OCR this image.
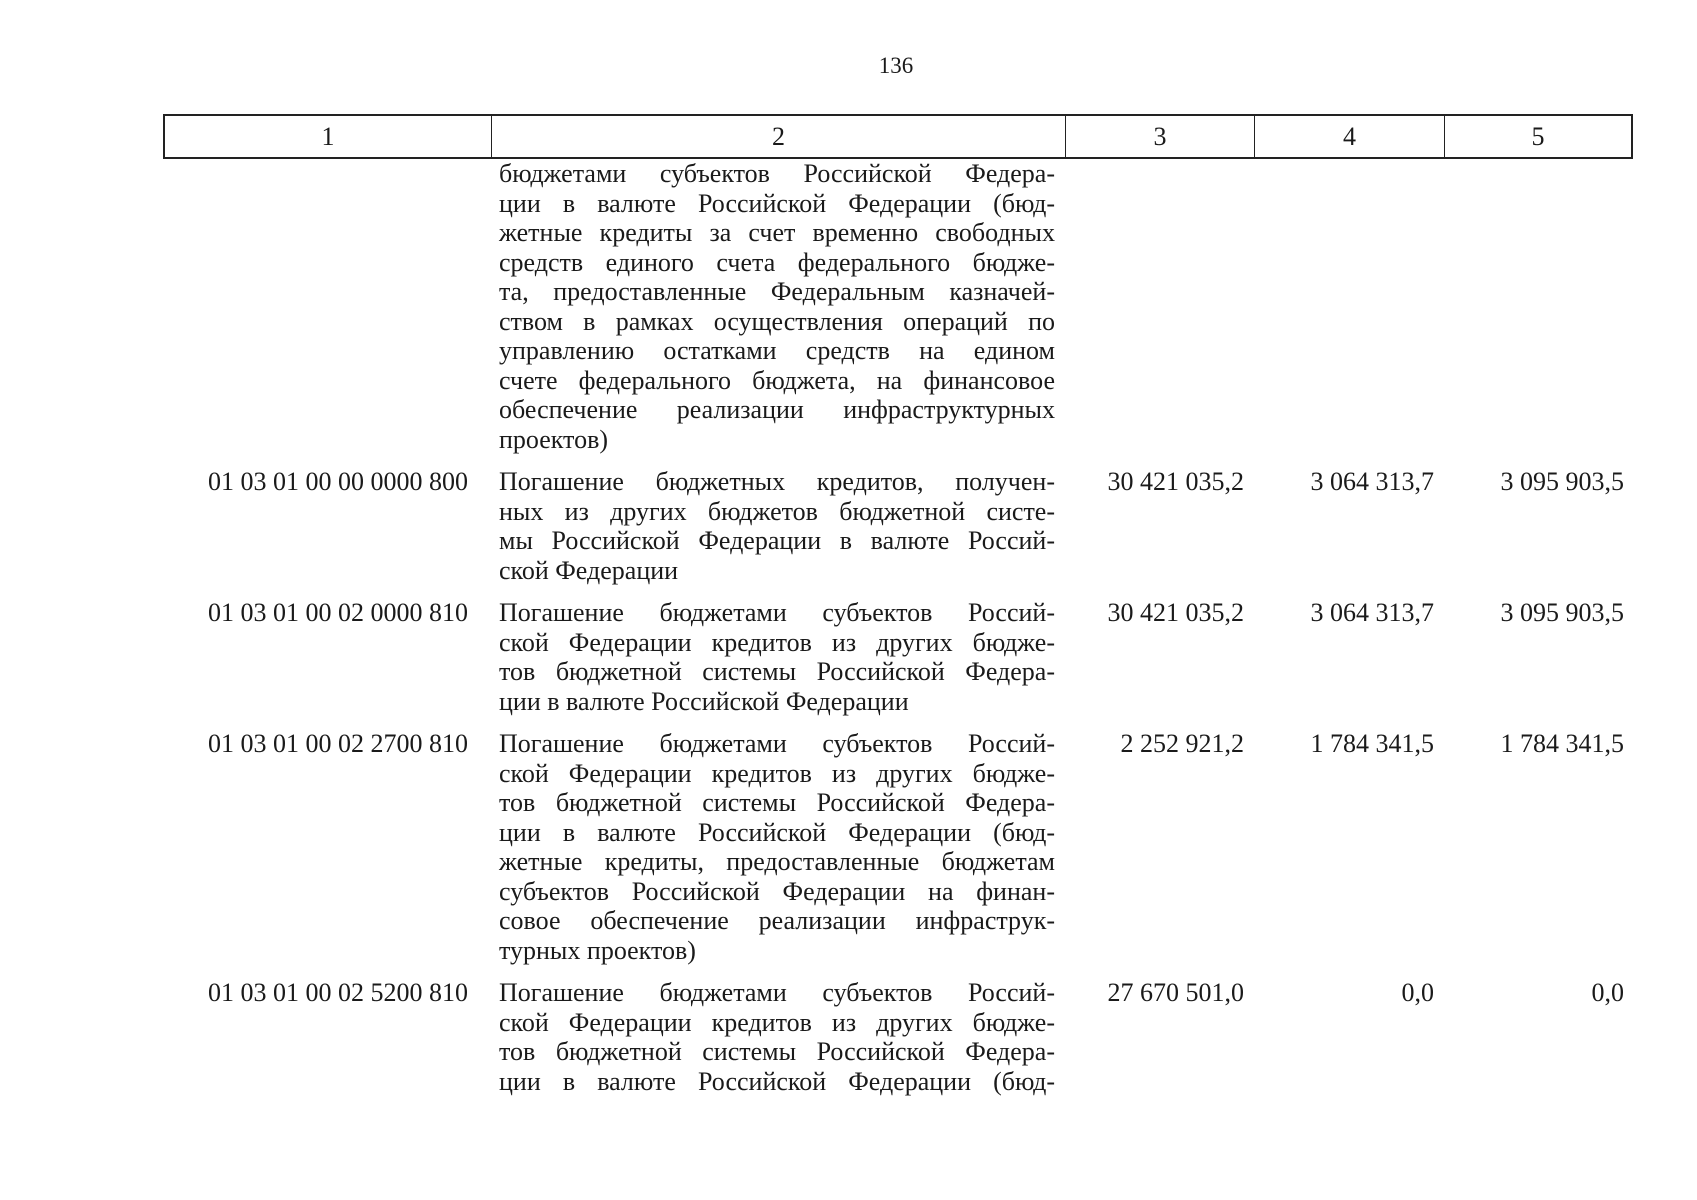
136
1	2	3	4	5
бюджетами субъектов Российской Федера-
ции в валюте Российской Федерации (бюд-
жетные кредиты за счет временно свободных
средств единого счета федерального бюдже-
та, предоставленные Федеральным казначей-
ством в рамках осуществления операций по
управлению остатками средств на едином
счете федерального бюджета, на финансовое
обеспечение реализации инфраструктурных
проектов)
01 03 01 00 00 0000 800	Погашение бюджетных кредитов, получен-
ных из других бюджетов бюджетной систе-
мы Российской Федерации в валюте Россий-
ской Федерации
30 421 035,2	3 064 313,7	3 095 903,5
01 03 01 00 02 0000 810	Погашение бюджетами субъектов Россий-
ской Федерации кредитов из других бюдже-
тов бюджетной системы Российской Федера-
ции в валюте Российской Федерации
30 421 035,2	3 064 313,7	3 095 903,5
01 03 01 00 02 2700 810	Погашение бюджетами субъектов Россий-
ской Федерации кредитов из других бюдже-
тов бюджетной системы Российской Федера-
ции в валюте Российской Федерации (бюд-
жетные кредиты, предоставленные бюджетам
субъектов Российской Федерации на финан-
совое обеспечение реализации инфраструк-
турных проектов)
2 252 921,2	1 784 341,5	1 784 341,5
01 03 01 00 02 5200 810	Погашение бюджетами субъектов Россий-
ской Федерации кредитов из других бюдже-
тов бюджетной системы Российской Федера-
ции в валюте Российской Федерации (бюд-
27 670 501,0	0,0	0,0
